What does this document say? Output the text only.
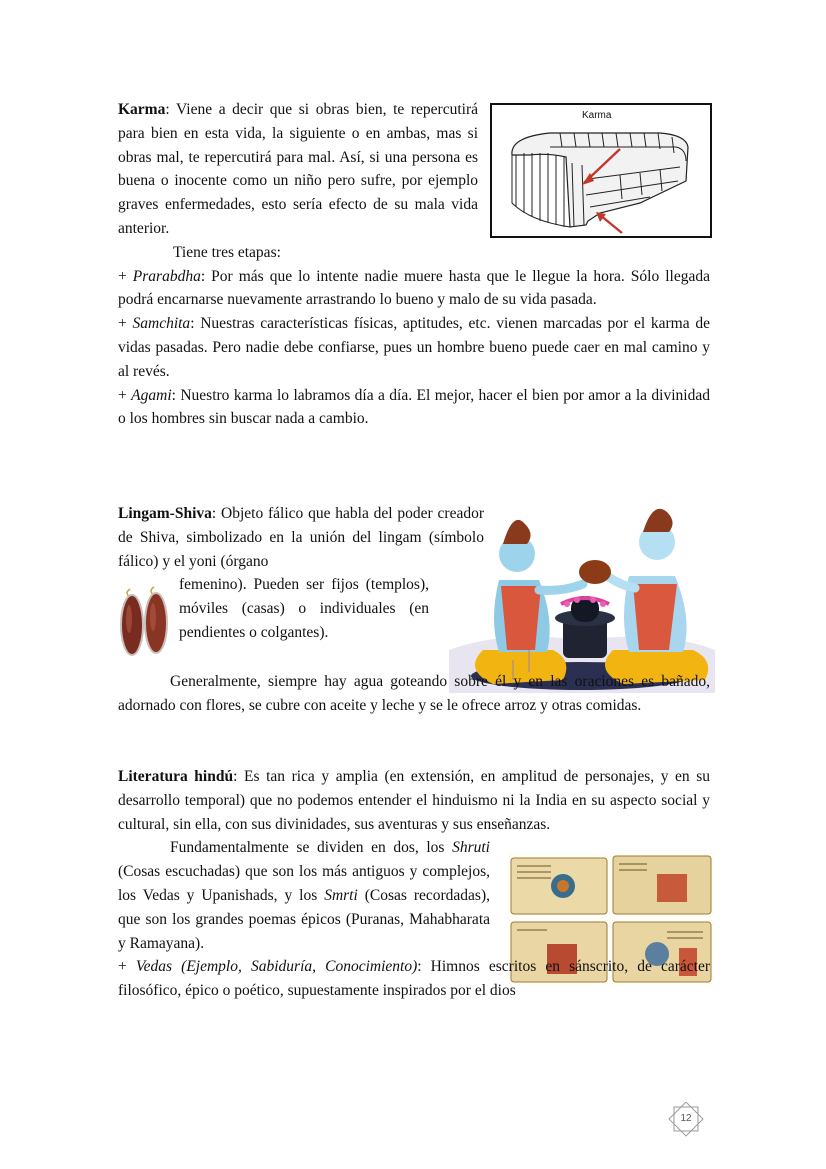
Karma

Karma: Viene a decir que si obras bien, te repercutirá para bien en esta vida, la siguiente o en ambas, mas si obras mal, te repercutirá para mal. Así, si una persona es buena o inocente como un niño pero sufre, por ejemplo graves enfermedades, esto sería efecto de su mala vida anterior.

Tiene tres etapas:

+ Prarabdha: Por más que lo intente nadie muere hasta que le llegue la hora. Sólo llegada podrá encarnarse nuevamente arrastrando lo bueno y malo de su vida pasada.

+ Samchita: Nuestras características físicas, aptitudes, etc. vienen marcadas por el karma de vidas pasadas. Pero nadie debe confiarse, pues un hombre bueno puede caer en mal camino y al revés.

+ Agami: Nuestro karma lo labramos día a día. El mejor, hacer el bien por amor a la divinidad o los hombres sin buscar nada a cambio.

Lingam-Shiva: Objeto fálico que habla del poder creador de Shiva, simbolizado en la unión del lingam (símbolo fálico) y el yoni (órgano

femenino). Pueden ser fijos (templos), móviles (casas) o individuales (en pendientes o colgantes).

Generalmente, siempre hay agua goteando sobre él y en las oraciones es bañado, adornado con flores, se cubre con aceite y leche y se le ofrece arroz y otras comidas.

Literatura hindú: Es tan rica y amplia (en extensión, en amplitud de personajes, y en su desarrollo temporal) que no podemos entender el hinduismo ni la India en su aspecto social y cultural, sin ella, con sus divinidades, sus aventuras y sus enseñanzas.

Fundamentalmente se dividen en dos, los Shruti (Cosas escuchadas) que son los más antiguos y complejos, los Vedas y Upanishads, y los Smrti (Cosas recordadas), que son los grandes poemas épicos (Puranas, Mahabharata y Ramayana).

+ Vedas (Ejemplo, Sabiduría, Conocimiento): Himnos escritos en sánscrito, de carácter filosófico, épico o poético, supuestamente inspirados por el dios

12
